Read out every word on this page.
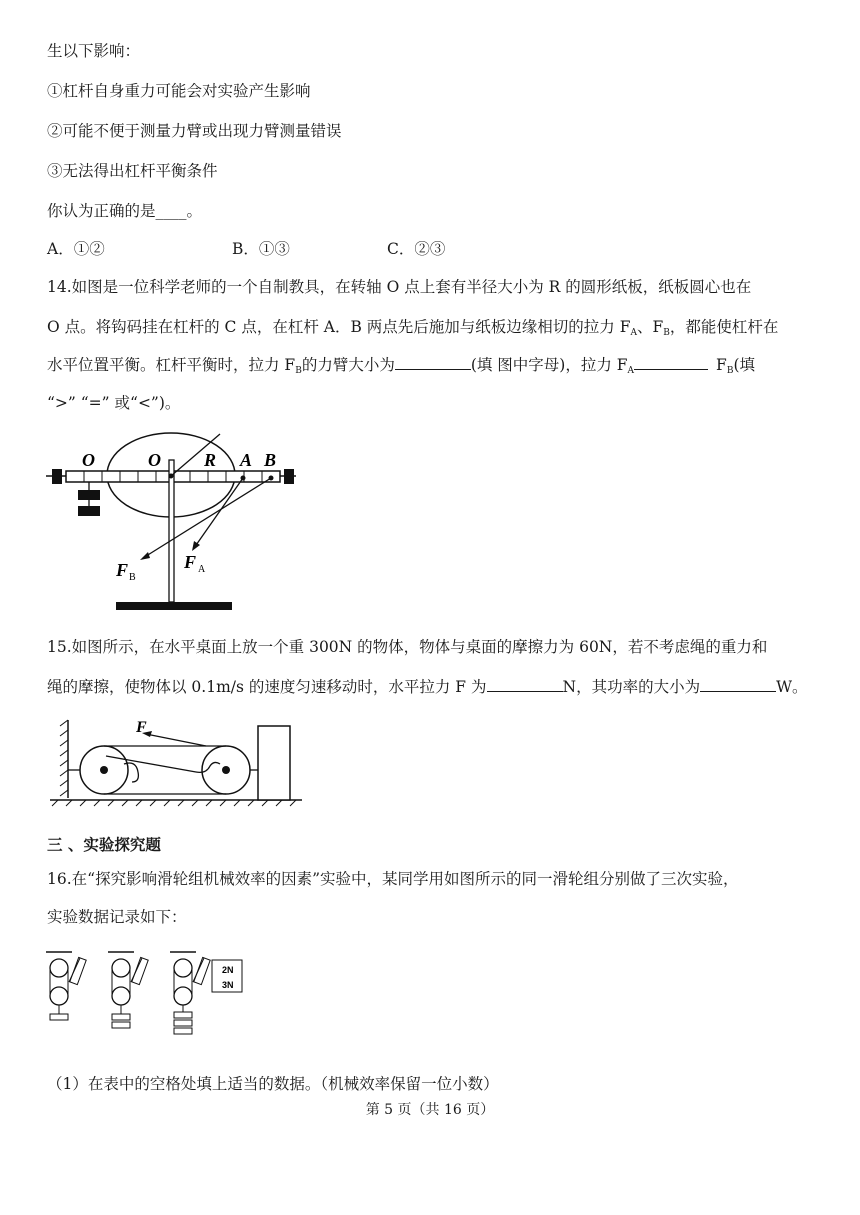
生以下影响：
①杠杆自身重力可能会对实验产生影响
②可能不便于测量力臂或出现力臂测量错误
③无法得出杠杆平衡条件
你认为正确的是____。
A．①②	B．①③	C．②③
14.如图是一位科学老师的一个自制教具，在转轴 O 点上套有半径大小为 R 的圆形纸板，纸板圆心也在
O 点。将钩码挂在杠杆的 C 点，在杠杆 A．B 两点先后施加与纸板边缘相切的拉力 $F_A$、$F_B$，都能使杠杆在
水平位置平衡。杠杆平衡时，拉力 $F_B$的力臂大小为	(填 图中字母)，拉力 $F_A$	$F_B$(填
“>” “=” 或“<”)。
O	O R A B
F B
F A
15.如图所示，在水平桌面上放一个重 300N 的物体，物体与桌面的摩擦力为 60N，若不考虑绳的重力和
绳的摩擦，使物体以 0.1m/s 的速度匀速移动时，水平拉力 F 为	N，其功率的大小为	W。
F
三 、实验探究题
16.在“探究影响滑轮组机械效率的因素”实验中，某同学用如图所示的同一滑轮组分别做了三次实验，
实验数据记录如下：
2N
3N
（1）在表中的空格处填上适当的数据。（机械效率保留一位小数）
第 5 页（共 16 页）
